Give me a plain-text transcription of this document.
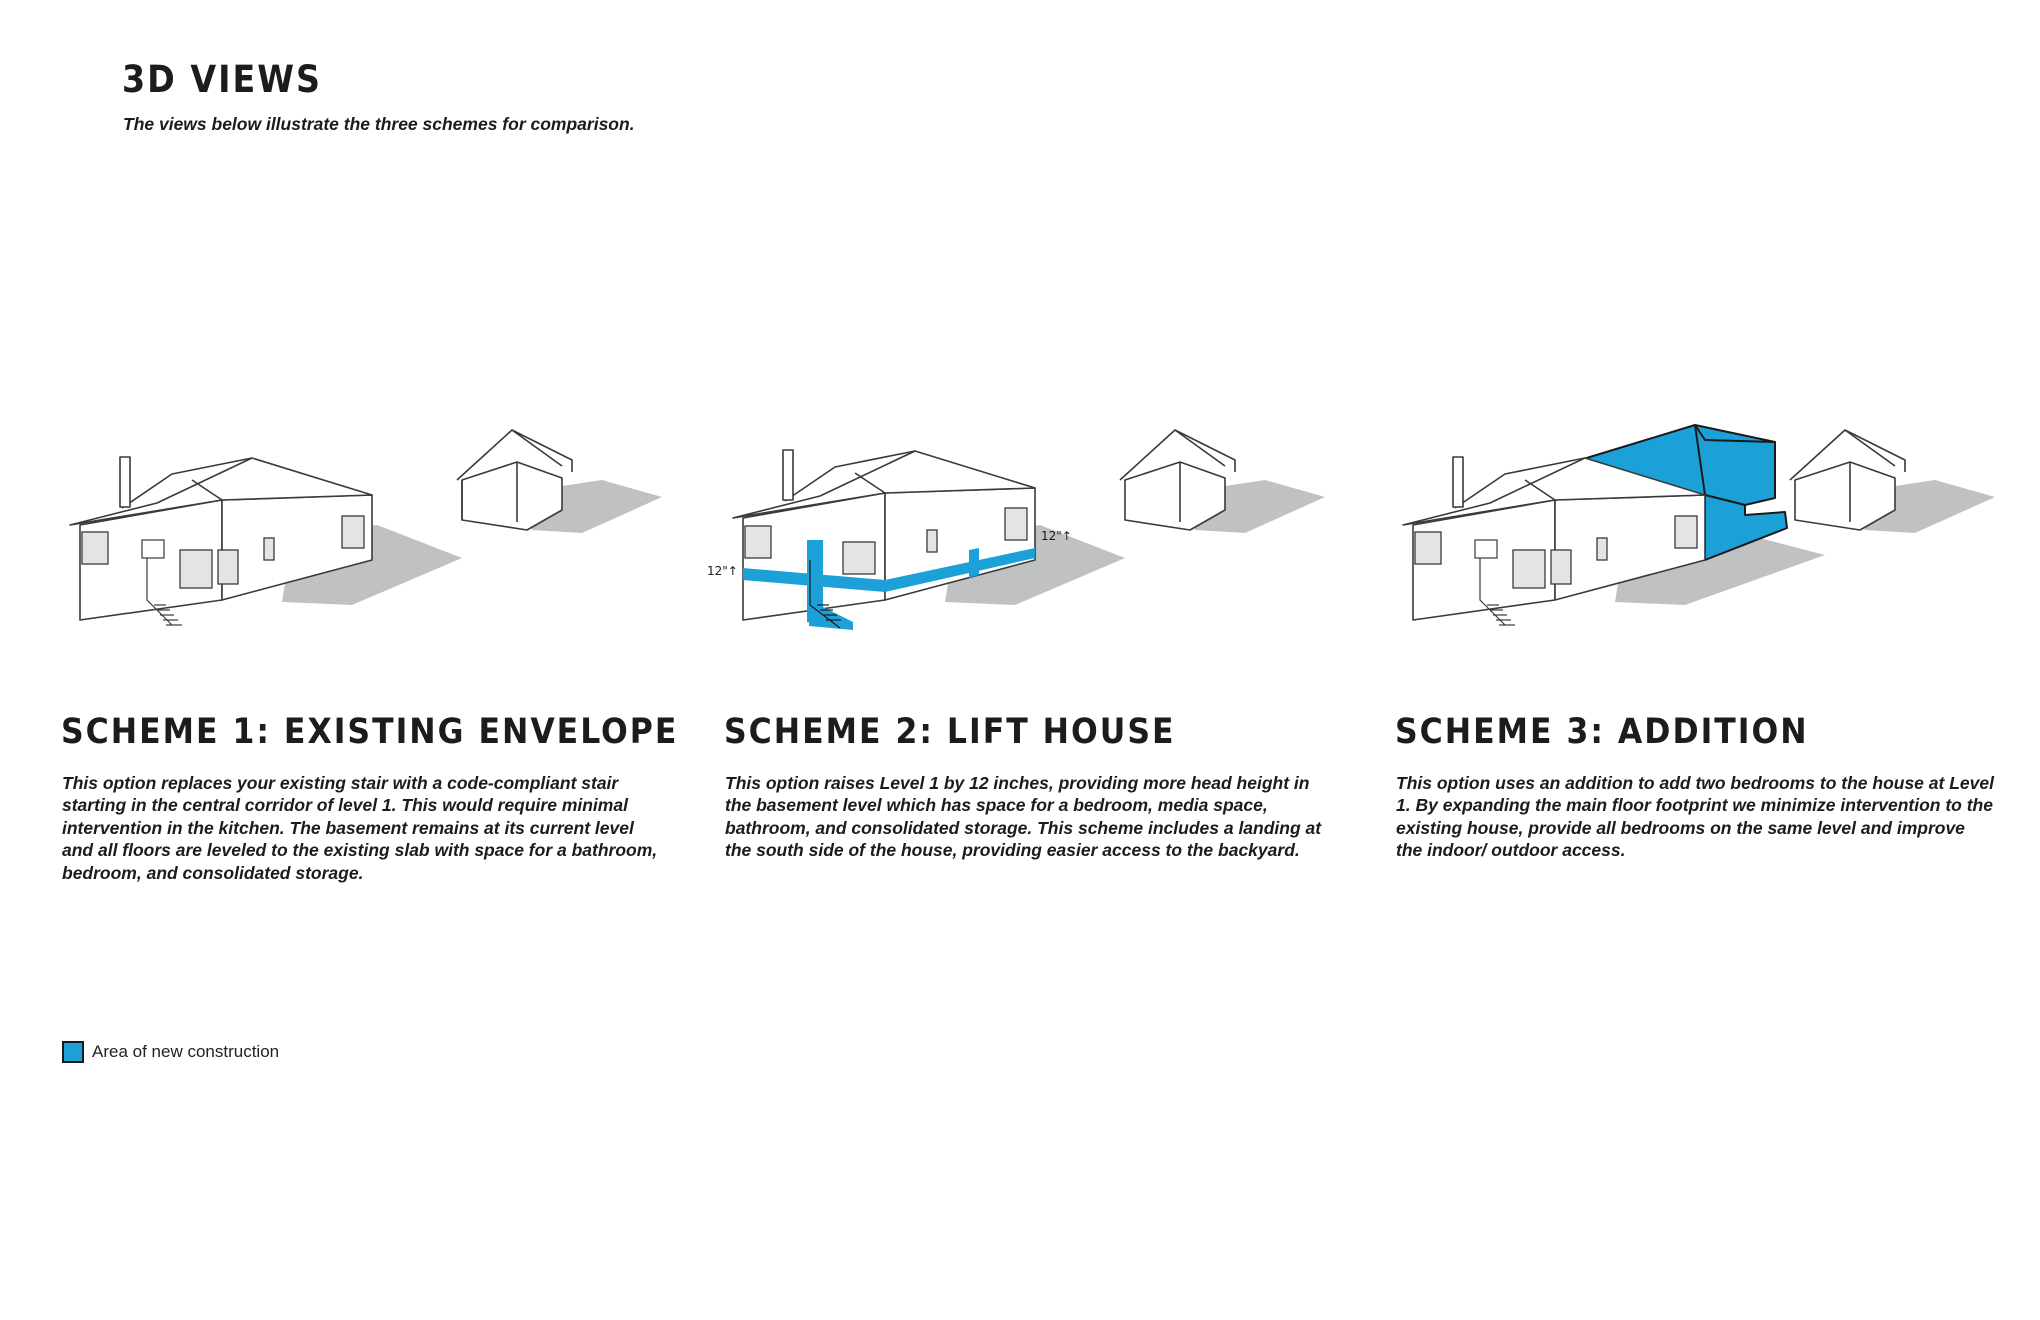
3D VIEWS

The views below illustrate the three schemes for comparison.

12"↑
12"↑
SCHEME 1: EXISTING ENVELOPE

This option replaces your existing stair with a code-compliant stair starting in the central corridor of level 1. This would require minimal intervention in the kitchen. The basement remains at its current level and all floors are leveled to the existing slab with space for a bathroom, bedroom, and consolidated storage.

SCHEME 2: LIFT HOUSE

This option raises Level 1 by 12 inches, providing more head height in the basement level which has space for a bedroom, media space, bathroom, and consolidated storage. This scheme includes a landing at the south side of the house, providing easier access to the backyard.

SCHEME 3: ADDITION

This option uses an addition to add two bedrooms to the house at Level 1. By expanding the main floor footprint we minimize intervention to the existing house, provide all bedrooms on the same level and improve the indoor/ outdoor access.

Area of new construction
